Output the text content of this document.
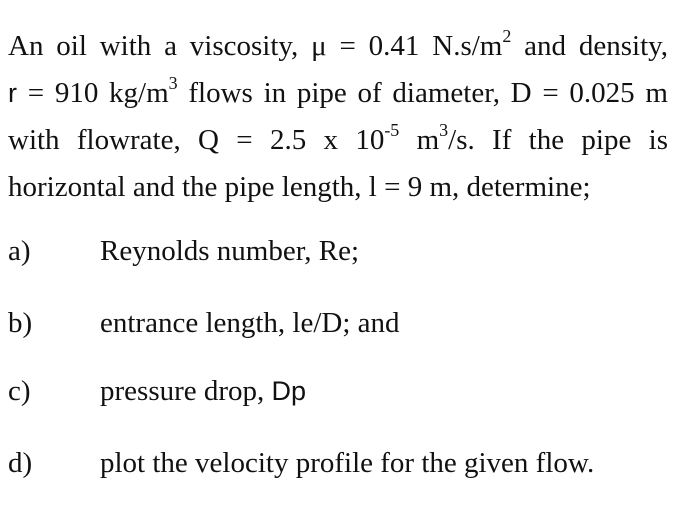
An oil with a viscosity, μ = 0.41 $N.s/m^2$ and density,
r = 910 $kg/m^3$ flows in pipe of diameter, D = 0.025 m
with flowrate, Q = 2.5 x $10^{-5}$ $m^3/s$. If the pipe is
horizontal and the pipe length, l = 9 m, determine;
a) Reynolds number, Re;
b) entrance length, le/D; and
c) pressure drop, Dp
d) plot the velocity profile for the given flow.
